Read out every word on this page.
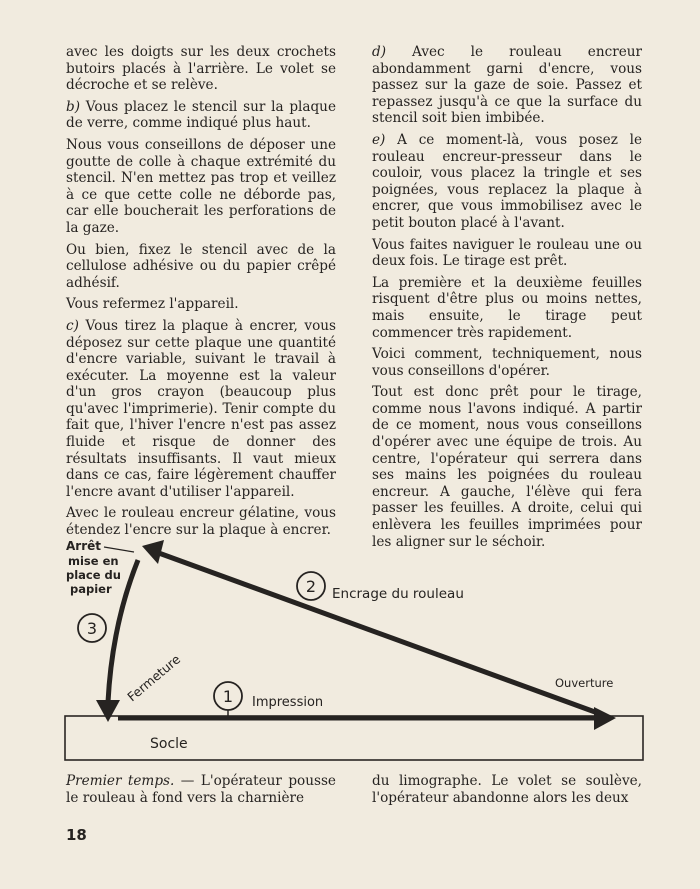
avec les doigts sur les deux crochets butoirs placés à l'arrière. Le volet se décroche et se relève.

b) Vous placez le stencil sur la plaque de verre, comme indiqué plus haut.

Nous vous conseillons de déposer une goutte de colle à chaque extrémité du stencil. N'en mettez pas trop et veillez à ce que cette colle ne déborde pas, car elle boucherait les perforations de la gaze.

Ou bien, fixez le stencil avec de la cellulose adhésive ou du papier crêpé adhésif.

Vous refermez l'appareil.

c) Vous tirez la plaque à encrer, vous déposez sur cette plaque une quantité d'encre variable, suivant le travail à exécuter. La moyenne est la valeur d'un gros crayon (beaucoup plus qu'avec l'imprimerie). Tenir compte du fait que, l'hiver l'encre n'est pas assez fluide et risque de donner des résultats insuffisants. Il vaut mieux dans ce cas, faire légèrement chauffer l'encre avant d'utiliser l'appareil.

Avec le rouleau encreur gélatine, vous étendez l'encre sur la plaque à encrer.

d) Avec le rouleau encreur abondamment garni d'encre, vous passez sur la gaze de soie. Passez et repassez jusqu'à ce que la surface du stencil soit bien imbibée.

e) A ce moment-là, vous posez le rouleau encreur-presseur dans le couloir, vous placez la tringle et ses poignées, vous replacez la plaque à encrer, que vous immobilisez avec le petit bouton placé à l'avant.

Vous faites naviguer le rouleau une ou deux fois. Le tirage est prêt.

La première et la deuxième feuilles risquent d'être plus ou moins nettes, mais ensuite, le tirage peut commencer très rapidement.

Voici comment, techniquement, nous vous conseillons d'opérer.

Tout est donc prêt pour le tirage, comme nous l'avons indiqué. A partir de ce moment, nous vous conseillons d'opérer avec une équipe de trois. Au centre, l'opérateur qui serrera dans ses mains les poignées du rouleau encreur. A gauche, l'élève qui fera passer les feuilles. A droite, celui qui enlèvera les feuilles imprimées pour les aligner sur le séchoir.

Socle
1 Impression
2 Encrage du rouleau
3
Arrêt
mise en
place du
papier
Fermeture	Ouverture

Premier temps. — L'opérateur pousse le rouleau à fond vers la charnière

du limographe. Le volet se soulève, l'opérateur abandonne alors les deux

18
